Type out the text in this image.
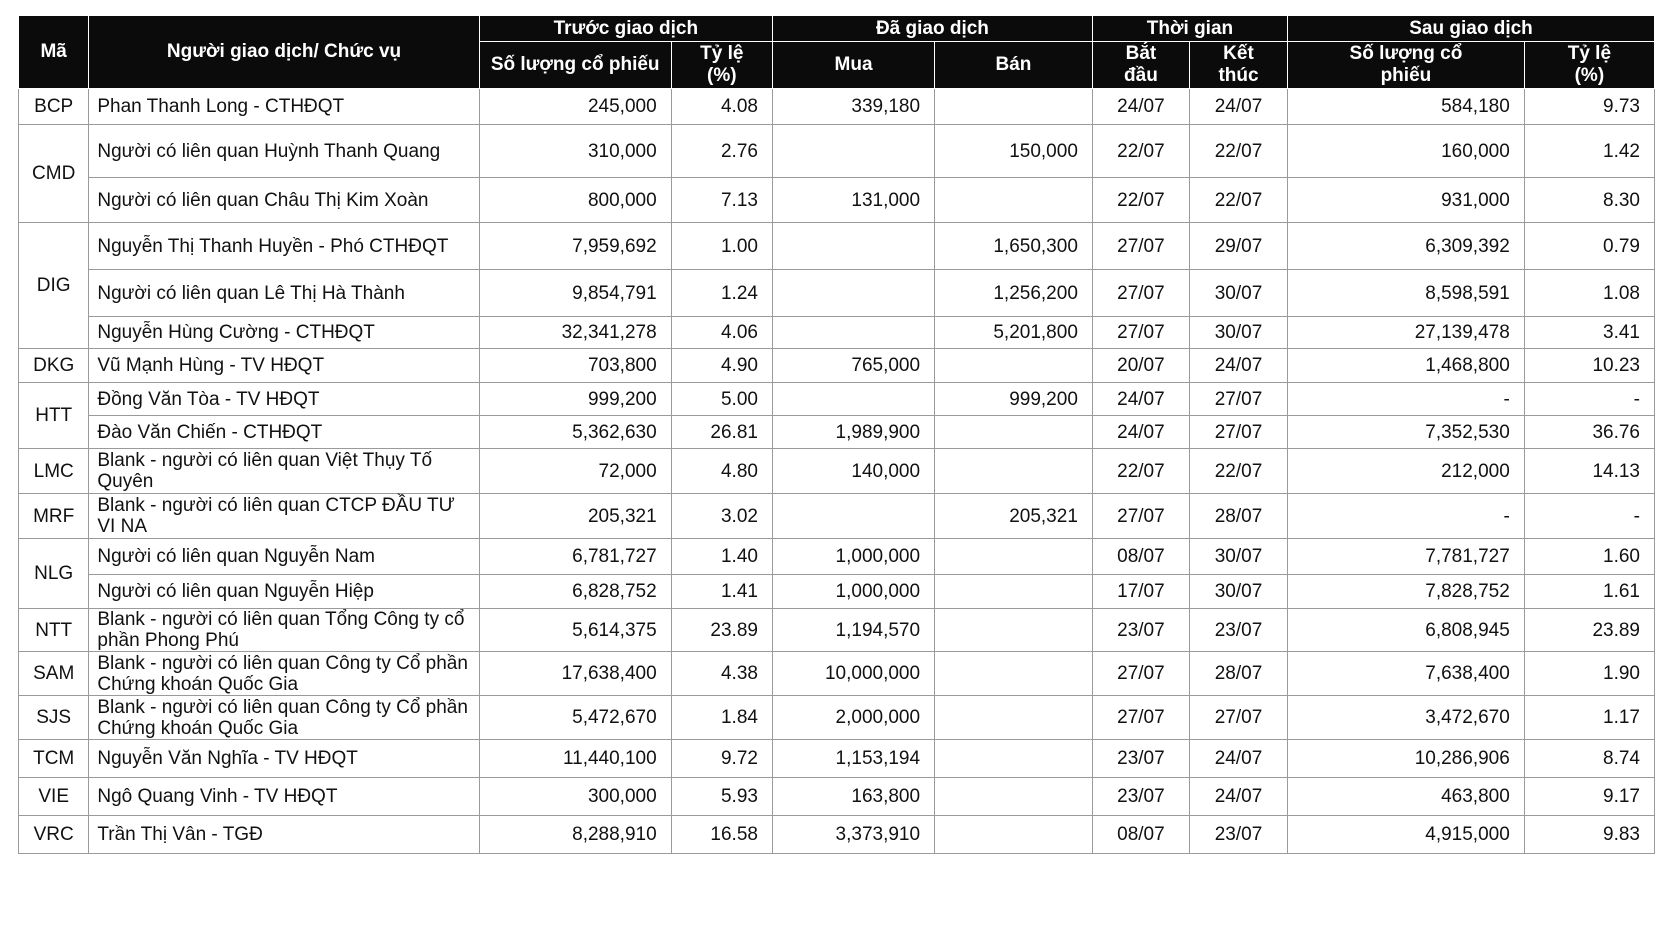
Mã	Người giao dịch/ Chức vụ	Trước giao dịch		Đã giao dịch		Thời gian		Sau giao dịch	
		Số lượng cổ phiếu	Tỷ lệ (%)	Mua	Bán	Bắt đầu	Kết thúc	Số lượng cổ phiếu	Tỷ lệ (%)
BCP	Phan Thanh Long - CTHĐQT	245,000	4.08	339,180		24/07	24/07	584,180	9.73
CMD	Người có liên quan Huỳnh Thanh Quang	310,000	2.76		150,000	22/07	22/07	160,000	1.42
	Người có liên quan Châu Thị Kim Xoàn	800,000	7.13	131,000		22/07	22/07	931,000	8.30
DIG	Nguyễn Thị Thanh Huyền - Phó CTHĐQT	7,959,692	1.00		1,650,300	27/07	29/07	6,309,392	0.79
	Người có liên quan Lê Thị Hà Thành	9,854,791	1.24		1,256,200	27/07	30/07	8,598,591	1.08
	Nguyễn Hùng Cường - CTHĐQT	32,341,278	4.06		5,201,800	27/07	30/07	27,139,478	3.41
DKG	Vũ Mạnh Hùng - TV HĐQT	703,800	4.90	765,000		20/07	24/07	1,468,800	10.23
HTT	Đồng Văn Tòa - TV HĐQT	999,200	5.00		999,200	24/07	27/07	-	-
	Đào Văn Chiến - CTHĐQT	5,362,630	26.81	1,989,900		24/07	27/07	7,352,530	36.76
LMC	Blank - người có liên quan Việt Thụy Tố Quyên	72,000	4.80	140,000		22/07	22/07	212,000	14.13
MRF	Blank - người có liên quan CTCP ĐẦU TƯ VI NA	205,321	3.02		205,321	27/07	28/07	-	-
NLG	Người có liên quan Nguyễn Nam	6,781,727	1.40	1,000,000		08/07	30/07	7,781,727	1.60
	Người có liên quan Nguyễn Hiệp	6,828,752	1.41	1,000,000		17/07	30/07	7,828,752	1.61
NTT	Blank - người có liên quan Tổng Công ty cổ phần Phong Phú	5,614,375	23.89	1,194,570		23/07	23/07	6,808,945	23.89
SAM	Blank - người có liên quan Công ty Cổ phần Chứng khoán Quốc Gia	17,638,400	4.38	10,000,000		27/07	28/07	7,638,400	1.90
SJS	Blank - người có liên quan Công ty Cổ phần Chứng khoán Quốc Gia	5,472,670	1.84	2,000,000		27/07	27/07	3,472,670	1.17
TCM	Nguyễn Văn Nghĩa - TV HĐQT	11,440,100	9.72	1,153,194		23/07	24/07	10,286,906	8.74
VIE	Ngô Quang Vinh - TV HĐQT	300,000	5.93	163,800		23/07	24/07	463,800	9.17
VRC	Trần Thị Vân - TGĐ	8,288,910	16.58	3,373,910		08/07	23/07	4,915,000	9.83
